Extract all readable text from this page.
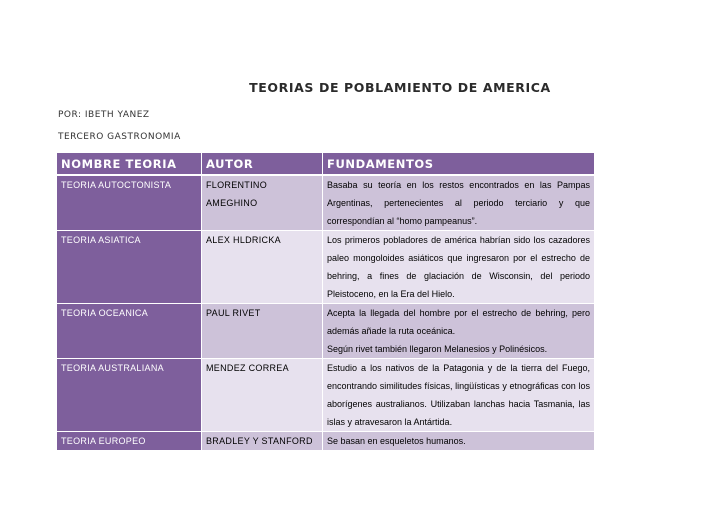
TEORIAS DE POBLAMIENTO DE AMERICA
POR: IBETH YANEZ
TERCERO GASTRONOMIA
NOMBRE TEORIA	AUTOR	FUNDAMENTOS
TEORIA AUTOCTONISTA	FLORENTINO AMEGHINO	Basaba su teoría en los restos encontrados en las Pampas Argentinas, pertenecientes al periodo terciario y que correspondían al “homo pampeanus”.
TEORIA ASIATICA	ALEX HLDRICKA	Los primeros pobladores de américa habrían sido los cazadores paleo mongoloides asiáticos que ingresaron por el estrecho de behring, a fines de glaciación de Wisconsin, del periodo Pleistoceno, en la Era del Hielo.
TEORIA OCEANICA	PAUL RIVET	Acepta la llegada del hombre por el estrecho de behring, pero además añade la ruta oceánica.
Según rivet también llegaron Melanesios y Polinésicos.
TEORIA AUSTRALIANA	MENDEZ CORREA	Estudio a los nativos de la Patagonia y de la tierra del Fuego, encontrando similitudes físicas, lingüísticas y etnográficas con los aborígenes australianos. Utilizaban lanchas hacia Tasmania, las islas y atravesaron la Antártida.
TEORIA EUROPEO	BRADLEY Y STANFORD	Se basan en esqueletos humanos.
